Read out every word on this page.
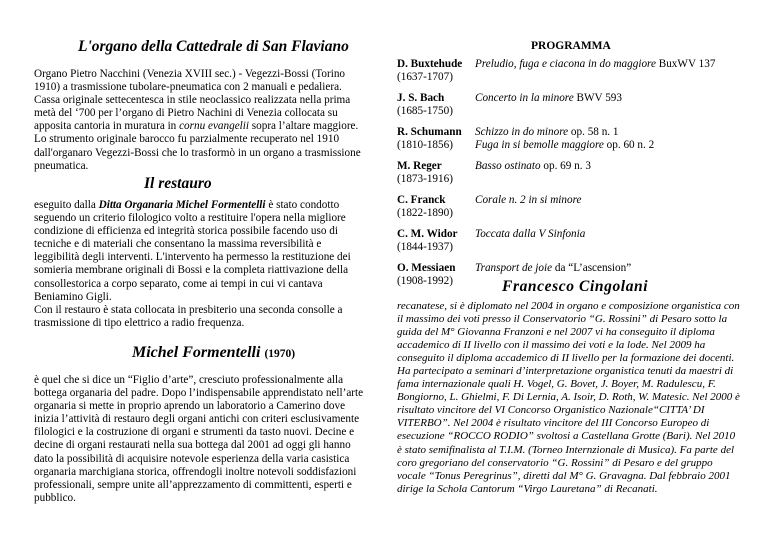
L'organo della Cattedrale di San Flaviano

Organo Pietro Nacchini (Venezia XVIII sec.) - Vegezzi-Bossi (Torino 1910) a trasmissione tubolare-pneumatica con 2 manuali e pedaliera. Cassa originale settecentesca in stile neoclassico realizzata nella prima metà del ‘700 per l’organo di Pietro Nachini di Venezia collocata su apposita cantoria in muratura in cornu evangelii sopra l’altare maggiore. Lo strumento originale barocco fu parzialmente recuperato nel 1910 dall'organaro Vegezzi-Bossi che lo trasformò in un organo a trasmissione pneumatica.

Il restauro

eseguito dalla Ditta Organaria Michel Formentelli è stato condotto seguendo un criterio filologico volto a restituire l'opera nella migliore condizione di efficienza ed integrità storica possibile facendo uso di tecniche e di materiali che consentano la massima reversibilità e leggibilità degli interventi. L'intervento ha permesso la restituzione dei somieria membrane originali di Bossi e la completa riattivazione della consollestorica a corpo separato, come ai tempi in cui vi cantava Beniamino Gigli.

Con il restauro è stata collocata in presbiterio una seconda consolle a trasmissione di tipo elettrico a radio frequenza.

Michel Formentelli (1970)

è quel che si dice un “Figlio d’arte”, cresciuto professionalmente alla bottega organaria del padre. Dopo l’indispensabile apprendistato nell’arte organaria si mette in proprio aprendo un laboratorio a Camerino dove inizia l’attività di restauro degli organi antichi con criteri esclusivamente filologici e la costruzione di organi e strumenti da tasto nuovi. Decine e decine di organi restaurati nella sua bottega dal 2001 ad oggi gli hanno dato la possibilità di acquisire notevole esperienza della varia casistica organaria marchigiana storica, offrendogli inoltre notevoli soddisfazioni professionali, sempre unite all’apprezzamento di committenti, esperti e pubblico.

PROGRAMMA
D. Buxtehude
(1637-1707)
Preludio, fuga e ciacona in do maggiore BuxWV 137
J. S. Bach
(1685-1750)
Concerto in la minore BWV 593
R. Schumann
(1810-1856)
Schizzo in do minore op. 58 n. 1
Fuga in si bemolle maggiore op. 60 n. 2
M. Reger
(1873-1916)
Basso ostinato op. 69 n. 3
C. Franck
(1822-1890)
Corale n. 2 in si minore
C. M. Widor
(1844-1937)
Toccata dalla V Sinfonia
O. Messiaen
(1908-1992)
Transport de joie da “L’ascension”
Francesco Cingolani

recanatese, si è diplomato nel 2004 in organo e composizione organistica con il massimo dei voti presso il Conservatorio “G. Rossini” di Pesaro sotto la guida del M° Giovanna Franzoni e nel 2007 vi ha conseguito il diploma accademico di II livello con il massimo dei voti e la lode. Nel 2009 ha conseguito il diploma accademico di II livello per la formazione dei docenti. Ha partecipato a seminari d’interpretazione organistica tenuti da maestri di fama internazionale quali H. Vogel, G. Bovet, J. Boyer, M. Radulescu, F. Bongiorno, L. Ghielmi, F. Di Lernia, A. Isoir, D. Roth, W. Matesic. Nel 2000 è risultato vincitore del VI Concorso Organistico Nazionale“CITTA’ DI VITERBO”. Nel 2004 è risultato vincitore del III Concorso Europeo di esecuzione “ROCCO RODIO” svoltosi a Castellana Grotte (Bari). Nel 2010 è stato semifinalista al T.I.M. (Torneo Internzionale di Musica). Fa parte del coro gregoriano del conservatorio “G. Rossini” di Pesaro e del gruppo vocale “Tonus Peregrinus”, diretti dal M° G. Gravagna. Dal febbraio 2001 dirige la Schola Cantorum “Virgo Lauretana” di Recanati.
